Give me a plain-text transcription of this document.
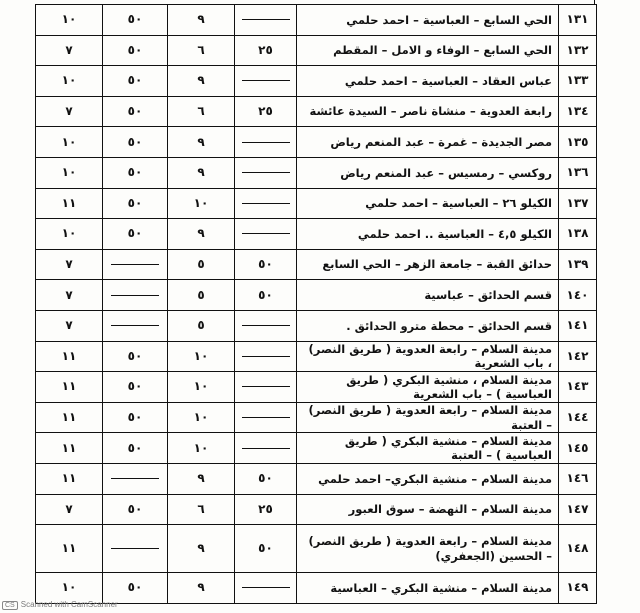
١٣١	الحي السابع – العباسية – احمد حلمي		٩	٥٠	١٠
١٣٢	الحي السابع – الوفاء و الامل – المقطم	٢٥	٦	٥٠	٧
١٣٣	عباس العقاد – العباسية – احمد حلمي		٩	٥٠	١٠
١٣٤	رابعة العدوية – منشاة ناصر – السيدة عائشة	٢٥	٦	٥٠	٧
١٣٥	مصر الجديدة – غمرة – عبد المنعم رياض		٩	٥٠	١٠
١٣٦	روكسي – رمسيس – عبد المنعم رياض		٩	٥٠	١٠
١٣٧	الكيلو ٢٦ – العباسية – احمد حلمي		١٠	٥٠	١١
١٣٨	الكيلو ٤,٥ – العباسية .. احمد حلمي		٩	٥٠	١٠
١٣٩	حدائق القبة – جامعة الزهر – الحي السابع	٥٠	٥		٧
١٤٠	قسم الحدائق – عباسية	٥٠	٥		٧
١٤١	قسم الحدائق – محطة مترو الحدائق .		٥		٧
١٤٢	مدينة السلام – رابعة العدوية ( طريق النصر) ، باب الشعرية		١٠	٥٠	١١
١٤٣	مدينة السلام ، منشية البكري ( طريق العباسية ) – باب الشعرية		١٠	٥٠	١١
١٤٤	مدينة السلام – رابعة العدوية ( طريق النصر) – العتبة		١٠	٥٠	١١
١٤٥	مدينة السلام – منشية البكري ( طريق العباسية ) – العتبة		١٠	٥٠	١١
١٤٦	مدينة السلام – منشية البكري– احمد حلمي	٥٠	٩		١١
١٤٧	مدينة السلام – النهضة – سوق العبور	٢٥	٦	٥٠	٧
١٤٨	مدينة السلام – رابعة العدوية ( طريق النصر) – الحسين (الجعفري)	٥٠	٩		١١
١٤٩	مدينة السلام – منشية البكري – العباسية		٩	٥٠	١٠
CS Scanned with CamScanner
